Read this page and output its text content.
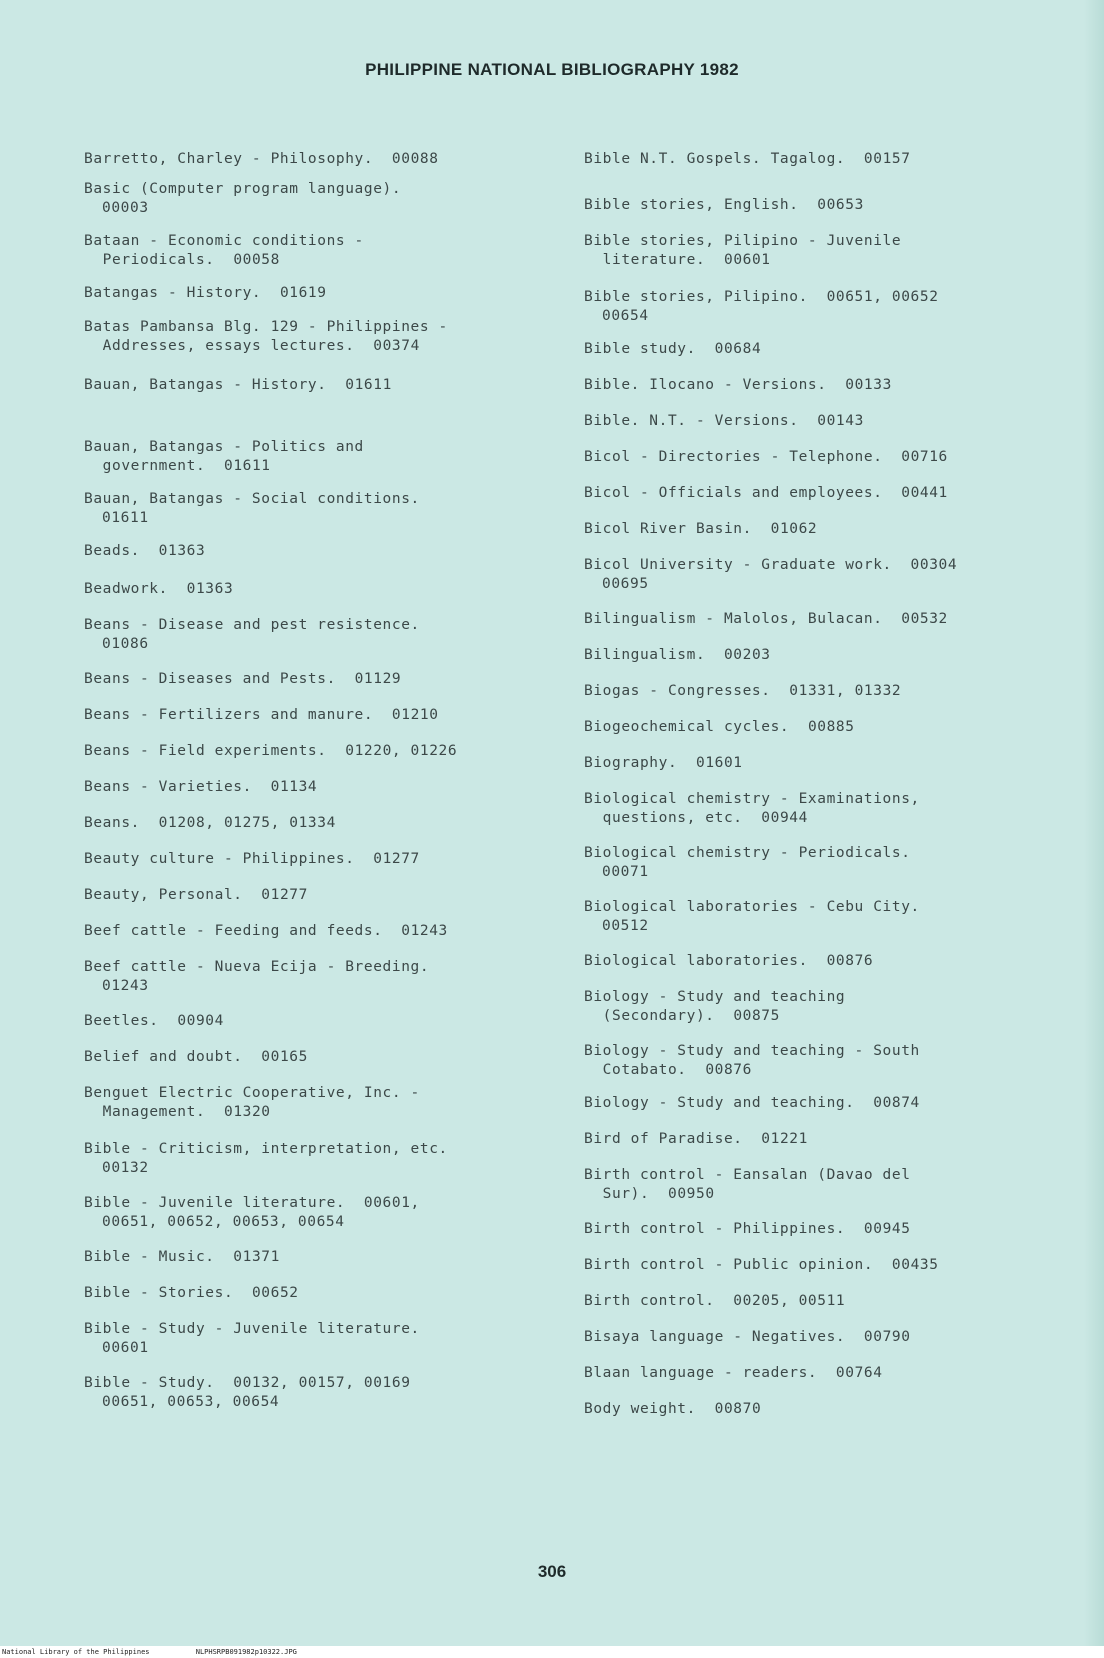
PHILIPPINE NATIONAL BIBLIOGRAPHY 1982
Barretto, Charley - Philosophy. 00088
Basic (Computer program language).
00003
Bataan - Economic conditions -
Periodicals. 00058
Batangas - History. 01619
Batas Pambansa Blg. 129 - Philippines -
Addresses, essays lectures. 00374
Bauan, Batangas - History. 01611
Bauan, Batangas - Politics and
government. 01611
Bauan, Batangas - Social conditions.
01611
Beads. 01363
Beadwork. 01363
Beans - Disease and pest resistence.
01086
Beans - Diseases and Pests. 01129
Beans - Fertilizers and manure. 01210
Beans - Field experiments. 01220, 01226
Beans - Varieties. 01134
Beans. 01208, 01275, 01334
Beauty culture - Philippines. 01277
Beauty, Personal. 01277
Beef cattle - Feeding and feeds. 01243
Beef cattle - Nueva Ecija - Breeding.
01243
Beetles. 00904
Belief and doubt. 00165
Benguet Electric Cooperative, Inc. -
Management. 01320
Bible - Criticism, interpretation, etc.
00132
Bible - Juvenile literature.  00601,
00651, 00652, 00653, 00654
Bible - Music. 01371
Bible - Stories. 00652
Bible - Study - Juvenile literature.
00601
Bible - Study.  00132, 00157, 00169
00651, 00653, 00654
Bible N.T. Gospels. Tagalog. 00157
Bible stories, English. 00653
Bible stories, Pilipino - Juvenile
literature. 00601
Bible stories, Pilipino.  00651, 00652
00654
Bible study. 00684
Bible. Ilocano - Versions. 00133
Bible. N.T. - Versions. 00143
Bicol - Directories - Telephone. 00716
Bicol - Officials and employees. 00441
Bicol River Basin. 01062
Bicol University - Graduate work.  00304
00695
Bilingualism - Malolos, Bulacan. 00532
Bilingualism. 00203
Biogas - Congresses. 01331, 01332
Biogeochemical cycles. 00885
Biography. 01601
Biological chemistry - Examinations,
questions, etc. 00944
Biological chemistry - Periodicals.
00071
Biological laboratories - Cebu City.
00512
Biological laboratories. 00876
Biology - Study and teaching
(Secondary). 00875
Biology - Study and teaching - South
Cotabato. 00876
Biology - Study and teaching. 00874
Bird of Paradise. 01221
Birth control - Eansalan (Davao del
Sur). 00950
Birth control - Philippines. 00945
Birth control - Public opinion. 00435
Birth control. 00205, 00511
Bisaya language - Negatives. 00790
Blaan language - readers. 00764
Body weight. 00870
306
National Library of the Philippines	NLPHSRPB091982p10322.JPG
